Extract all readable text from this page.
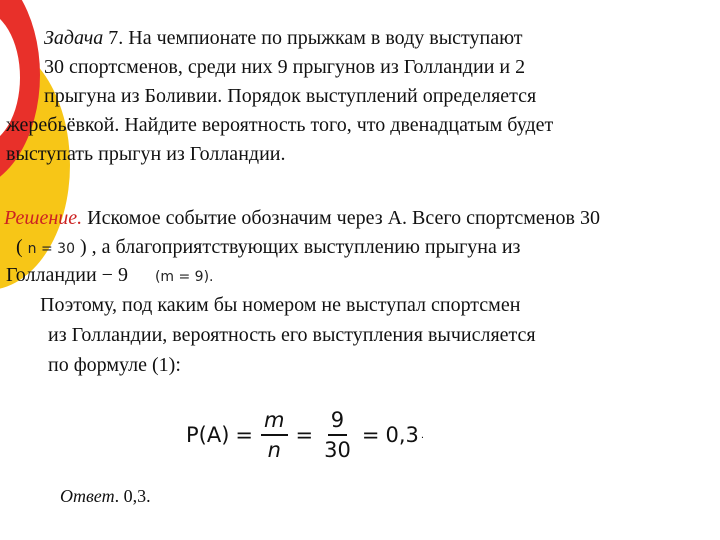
Задача 7. На чемпионате по прыжкам в воду выступают
30 спортсменов, среди них 9 прыгунов из Голландии и 2
прыгуна из Боливии. Порядок выступлений определяется
жеребьёвкой. Найдите вероятность того, что двенадцатым будет
выступать прыгун из Голландии.
Решение. Искомое событие обозначим через A. Всего спортсменов 30
( n = 30 ) , а благоприятствующих выступлению прыгуна из
Голландии − 9 (m = 9).
Поэтому, под каким бы номером не выступал спортсмен
из Голландии, вероятность его выступления вычисляется
по формуле (1):
$P(A) = \frac{m}{n} = \frac{9}{30} = 0,3$ .
Ответ. 0,3.
